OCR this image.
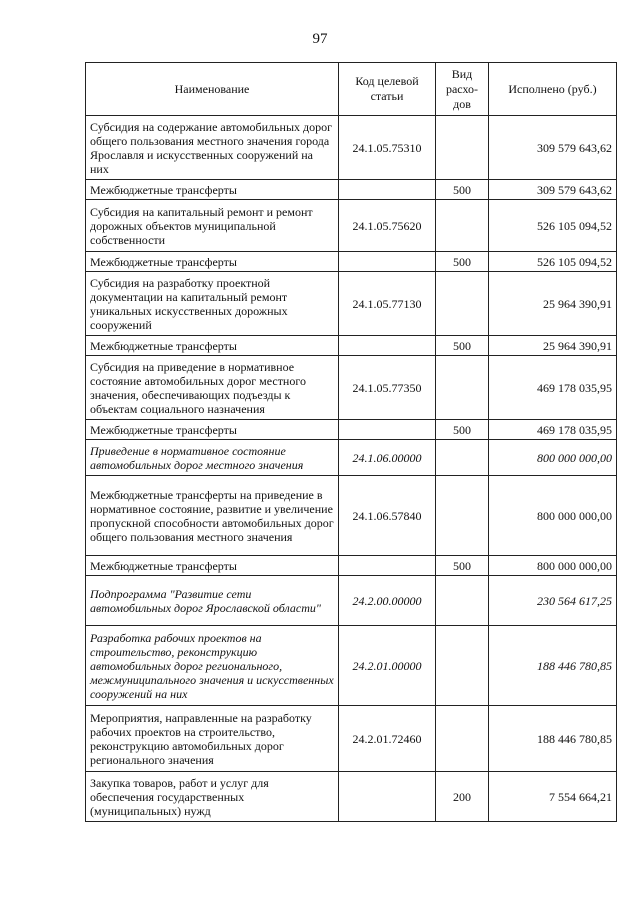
97
Наименование	Код целевой статьи	Вид расхо-дов	Исполнено (руб.)
Субсидия на содержание автомобильных дорог общего пользования местного значения города Ярославля и искусственных сооружений на них	24.1.05.75310		309 579 643,62
Межбюджетные трансферты		500	309 579 643,62
Субсидия на капитальный ремонт и ремонт дорожных объектов муниципальной собственности	24.1.05.75620		526 105 094,52
Межбюджетные трансферты		500	526 105 094,52
Субсидия на разработку проектной документации на капитальный ремонт уникальных искусственных дорожных сооружений	24.1.05.77130		25 964 390,91
Межбюджетные трансферты		500	25 964 390,91
Субсидия на приведение в нормативное состояние автомобильных дорог местного значения, обеспечивающих подъезды к объектам социального назначения	24.1.05.77350		469 178 035,95
Межбюджетные трансферты		500	469 178 035,95
Приведение в нормативное состояние автомобильных дорог местного значения	24.1.06.00000		800 000 000,00
Межбюджетные трансферты на приведение в нормативное состояние, развитие и увеличение пропускной способности автомобильных дорог общего пользования местного значения	24.1.06.57840		800 000 000,00
Межбюджетные трансферты		500	800 000 000,00
Подпрограмма "Развитие сети автомобильных дорог Ярославской области"	24.2.00.00000		230 564 617,25
Разработка рабочих проектов на строительство, реконструкцию автомобильных дорог регионального, межмуниципального значения и искусственных сооружений на них	24.2.01.00000		188 446 780,85
Мероприятия, направленные на разработку рабочих проектов на строительство, реконструкцию автомобильных дорог регионального значения	24.2.01.72460		188 446 780,85
Закупка товаров, работ и услуг для обеспечения государственных (муниципальных) нужд		200	7 554 664,21
